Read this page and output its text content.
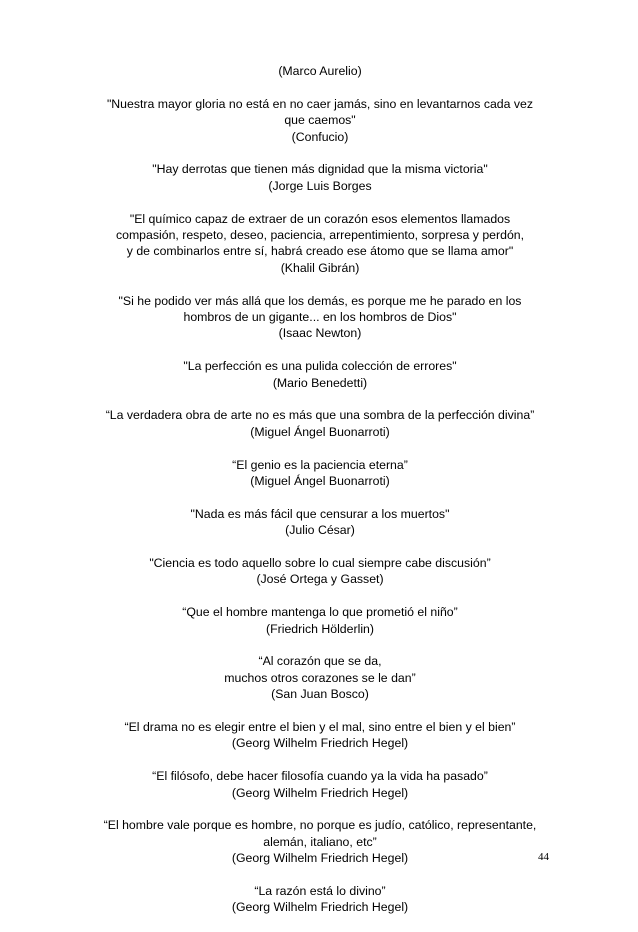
(Marco Aurelio)

"Nuestra mayor gloria no está en no caer jamás, sino en levantarnos cada vez
que caemos"
(Confucio)

"Hay derrotas que tienen más dignidad que la misma victoria"
(Jorge Luis Borges

"El químico capaz de extraer de un corazón esos elementos llamados
compasión, respeto, deseo, paciencia, arrepentimiento, sorpresa y perdón,
y de combinarlos entre sí, habrá creado ese átomo que se llama amor"
(Khalil Gibrán)

"Si he podido ver más allá que los demás, es porque me he parado en los
hombros de un gigante... en los hombros de Dios"
(Isaac Newton)

"La perfección es una pulida colección de errores"
(Mario Benedetti)

“La verdadera obra de arte no es más que una sombra de la perfección divina”
(Miguel Ángel Buonarroti)

“El genio es la paciencia eterna”
(Miguel Ángel Buonarroti)

"Nada es más fácil que censurar a los muertos"
(Julio César)

"Ciencia es todo aquello sobre lo cual siempre cabe discusión”
(José Ortega y Gasset)

“Que el hombre mantenga lo que prometió el niño”
(Friedrich Hölderlin)

“Al corazón que se da,
muchos otros corazones se le dan”
(San Juan Bosco)

“El drama no es elegir entre el bien y el mal, sino entre el bien y el bien”
(Georg Wilhelm Friedrich Hegel)

“El filósofo, debe hacer filosofía cuando ya la vida ha pasado”
(Georg Wilhelm Friedrich Hegel)

“El hombre vale porque es hombre, no porque es judío, católico, representante,
alemán, italiano, etc”
(Georg Wilhelm Friedrich Hegel)

“La razón está lo divino”
(Georg Wilhelm Friedrich Hegel)

44
